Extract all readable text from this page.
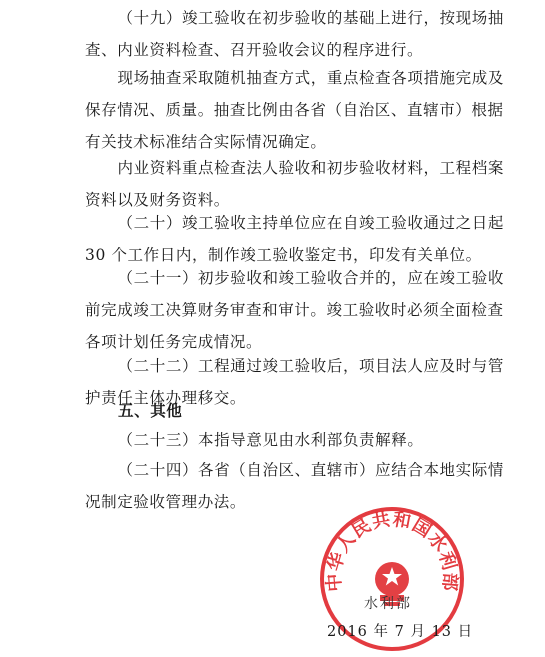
（十九）竣工验收在初步验收的基础上进行，按现场抽查、内业资料检查、召开验收会议的程序进行。

现场抽查采取随机抽查方式，重点检查各项措施完成及保存情况、质量。抽查比例由各省（自治区、直辖市）根据有关技术标准结合实际情况确定。

内业资料重点检查法人验收和初步验收材料，工程档案资料以及财务资料。

（二十）竣工验收主持单位应在自竣工验收通过之日起 30 个工作日内，制作竣工验收鉴定书，印发有关单位。

（二十一）初步验收和竣工验收合并的，应在竣工验收前完成竣工决算财务审查和审计。竣工验收时必须全面检查各项计划任务完成情况。

（二十二）工程通过竣工验收后，项目法人应及时与管护责任主体办理移交。

五、其他

（二十三）本指导意见由水利部负责解释。

（二十四）各省（自治区、直辖市）应结合本地实际情况制定验收管理办法。

中华人民共和国水利部
水利部
2016 年 7 月 13 日
